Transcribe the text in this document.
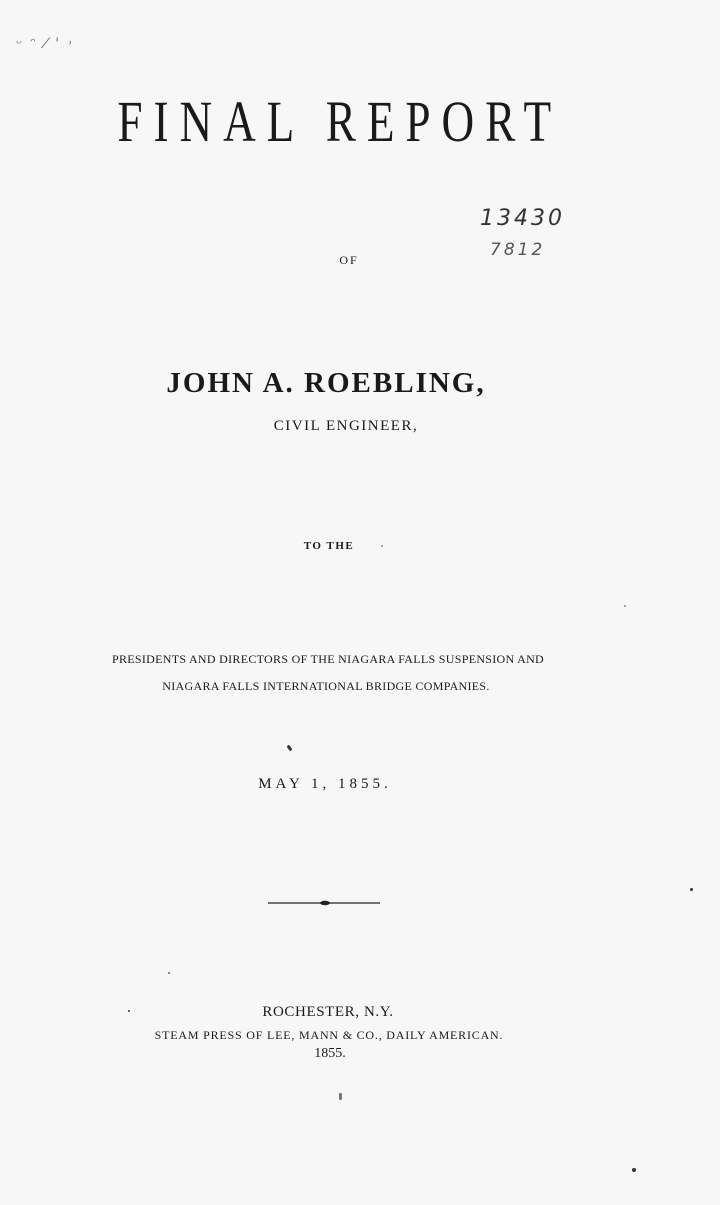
ᵕ ᵔ ⁄ ' ˒
FINAL REPORT
13430
7812
OF
JOHN A. ROEBLING,
CIVIL ENGINEER,
TO THE
PRESIDENTS AND DIRECTORS OF THE NIAGARA FALLS SUSPENSION AND
NIAGARA FALLS INTERNATIONAL BRIDGE COMPANIES.
MAY 1, 1855.
ROCHESTER, N.Y.
STEAM PRESS OF LEE, MANN & CO., DAILY AMERICAN.
1855.
